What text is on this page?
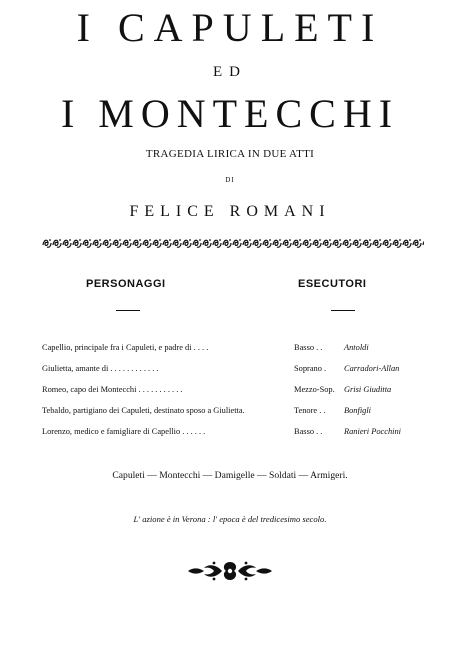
I CAPULETI
ED
I MONTECCHI
TRAGEDIA LIRICA IN DUE ATTI
DI
FELICE ROMANI
PERSONAGGI	ESECUTORI
Capellio, principale fra i Capuleti, e padre di . . . .	Basso . .	Antoldi
Giulietta, amante di . . . . . . . . . . . .	Soprano .	Carradori-Allan
Romeo, capo dei Montecchi . . . . . . . . . . .	Mezzo-Sop.	Grisi Giuditta
Tebaldo, partigiano dei Capuleti, destinato sposo a Giulietta.	Tenore . .	Bonfigli
Lorenzo, medico e famigliare di Capellio . . . . . .	Basso . .	Ranieri Pocchini
Capuleti — Montecchi — Damigelle — Soldati — Armigeri.
L' azione è in Verona : l' epoca è del tredicesimo secolo.
